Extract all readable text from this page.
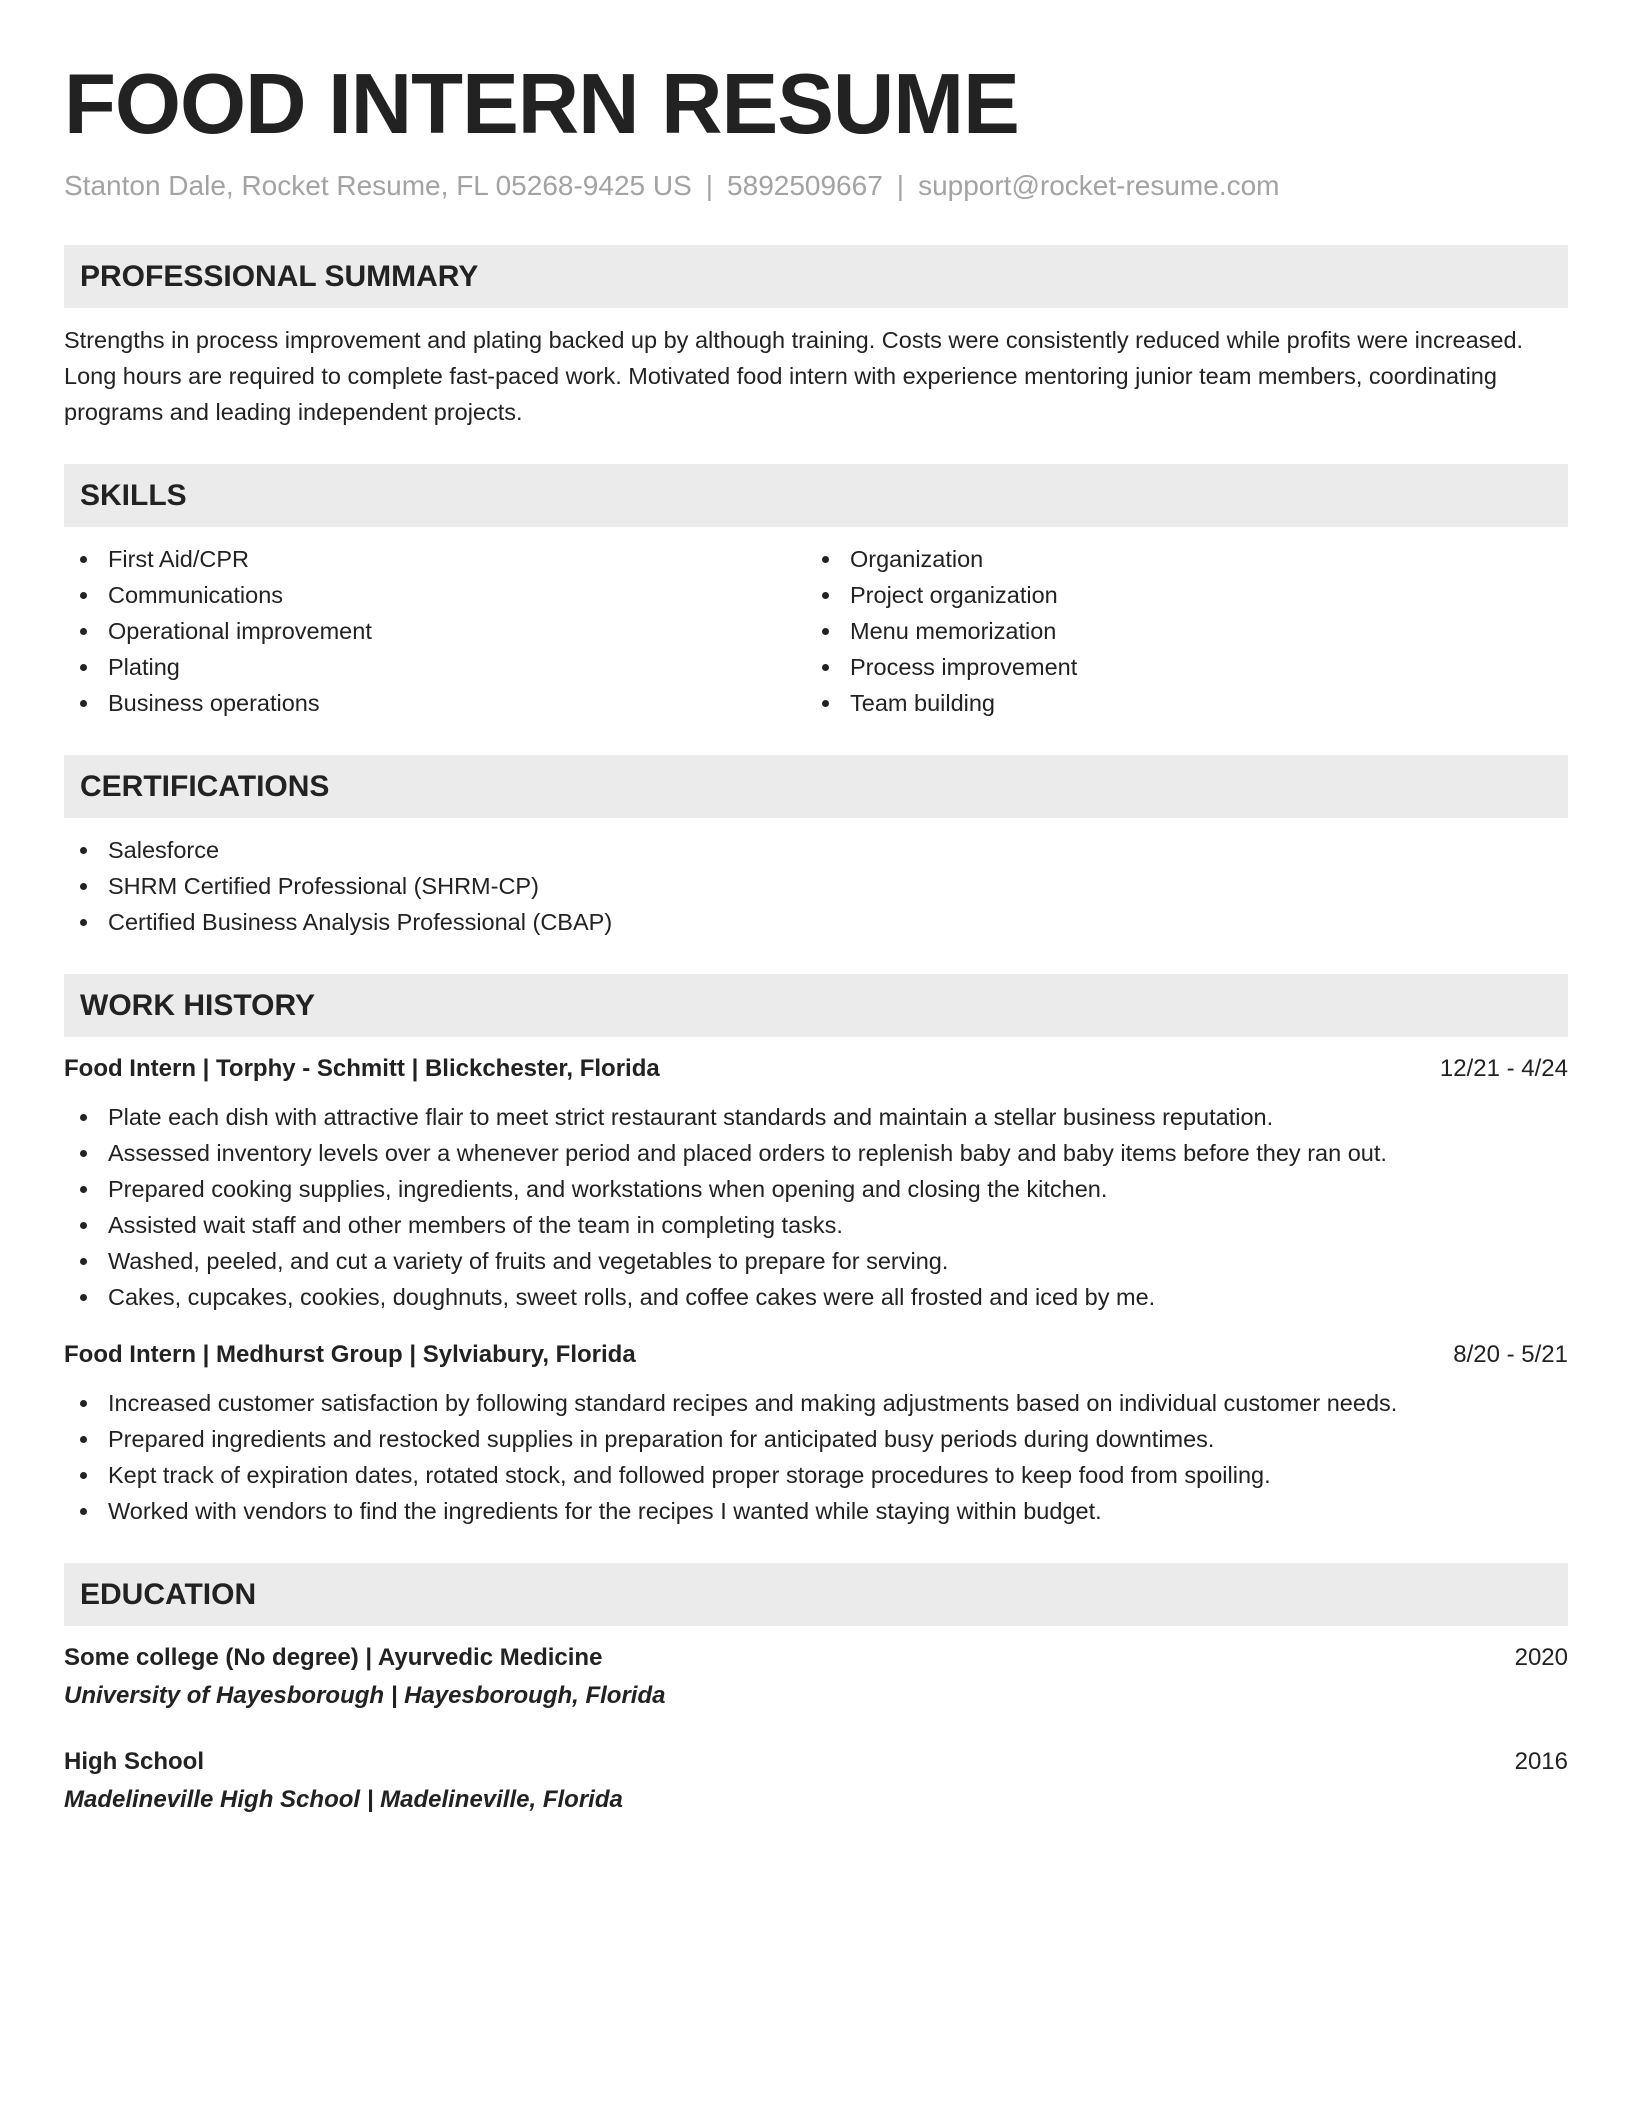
FOOD INTERN RESUME
Stanton Dale, Rocket Resume, FL 05268-9425 US | 5892509667 | support@rocket-resume.com
PROFESSIONAL SUMMARY

Strengths in process improvement and plating backed up by although training. Costs were consistently reduced while profits were increased. Long hours are required to complete fast-paced work. Motivated food intern with experience mentoring junior team members, coordinating programs and leading independent projects.

SKILLS
First Aid/CPR
Communications
Operational improvement
Plating
Business operations
Organization
Project organization
Menu memorization
Process improvement
Team building
CERTIFICATIONS
Salesforce
SHRM Certified Professional (SHRM-CP)
Certified Business Analysis Professional (CBAP)
WORK HISTORY
Food Intern | Torphy - Schmitt | Blickchester, Florida	12/21 - 4/24
Plate each dish with attractive flair to meet strict restaurant standards and maintain a stellar business reputation.
Assessed inventory levels over a whenever period and placed orders to replenish baby and baby items before they ran out.
Prepared cooking supplies, ingredients, and workstations when opening and closing the kitchen.
Assisted wait staff and other members of the team in completing tasks.
Washed, peeled, and cut a variety of fruits and vegetables to prepare for serving.
Cakes, cupcakes, cookies, doughnuts, sweet rolls, and coffee cakes were all frosted and iced by me.
Food Intern | Medhurst Group | Sylviabury, Florida	8/20 - 5/21
Increased customer satisfaction by following standard recipes and making adjustments based on individual customer needs.
Prepared ingredients and restocked supplies in preparation for anticipated busy periods during downtimes.
Kept track of expiration dates, rotated stock, and followed proper storage procedures to keep food from spoiling.
Worked with vendors to find the ingredients for the recipes I wanted while staying within budget.
EDUCATION
Some college (No degree) | Ayurvedic Medicine	2020
University of Hayesborough | Hayesborough, Florida
High School	2016
Madelineville High School | Madelineville, Florida
